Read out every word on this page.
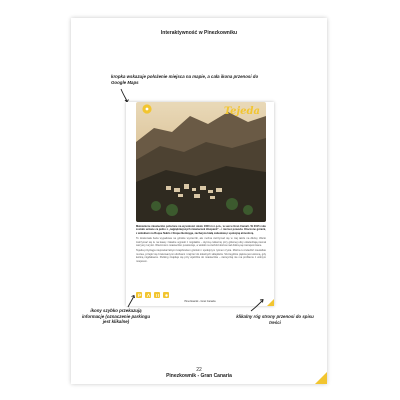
Interaktywność w Pinezkowniku
kropka wskazuje położenie miejsca na mapie, a cała ikona przenosi do Google Maps
Tejeda

Malownicze miasteczko położone na wysokości około 1000 m n.p.m., w sercu Gran Canarii. W 2015 roku zostało uznane za jedno z „najpiękniejszych miasteczek Hiszpanii” – i nie bez powodu. Otoczone górami, z widokiem na Roque Nublo i Roque Bentayga, zachwyca białą zabudową i spokojną atmosferą.

To doskonała baza wypadowa na górskie wycieczki, ale można zatrzymać się w niej także na dłużej. Warto zatrzymać się tu na kawę i lokalne wypieki z migdałów – słynną cukiernię przy głównej ulicy odwiedzają niemal wszyscy turyści. Wieczorem miasteczko pustoszeje, a widoki na zachód słońca nad doliną są niezapomniane.

Tejeda przyciąga niepowtarzalnym krajobrazem górskim i spokojnym rytmem życia. Można tu zwiedzić niewielkie muzea, przejść się brukowanymi uliczkami i zajrzeć do lokalnych sklepików. Szczególnie piękna jest wiosną, gdy kwitną migdałowce. Parking znajduje się przy wjeździe do miasteczka – zazwyczaj nie ma problemu z wolnym miejscem.

Pinezkownik - Gran Canaria
ikony szybko przekazują informacje (oznaczenie parkingu jest klikalne)
klikalny róg strony przenosi do spisu treści
22
Pinezkownik - Gran Canaria
